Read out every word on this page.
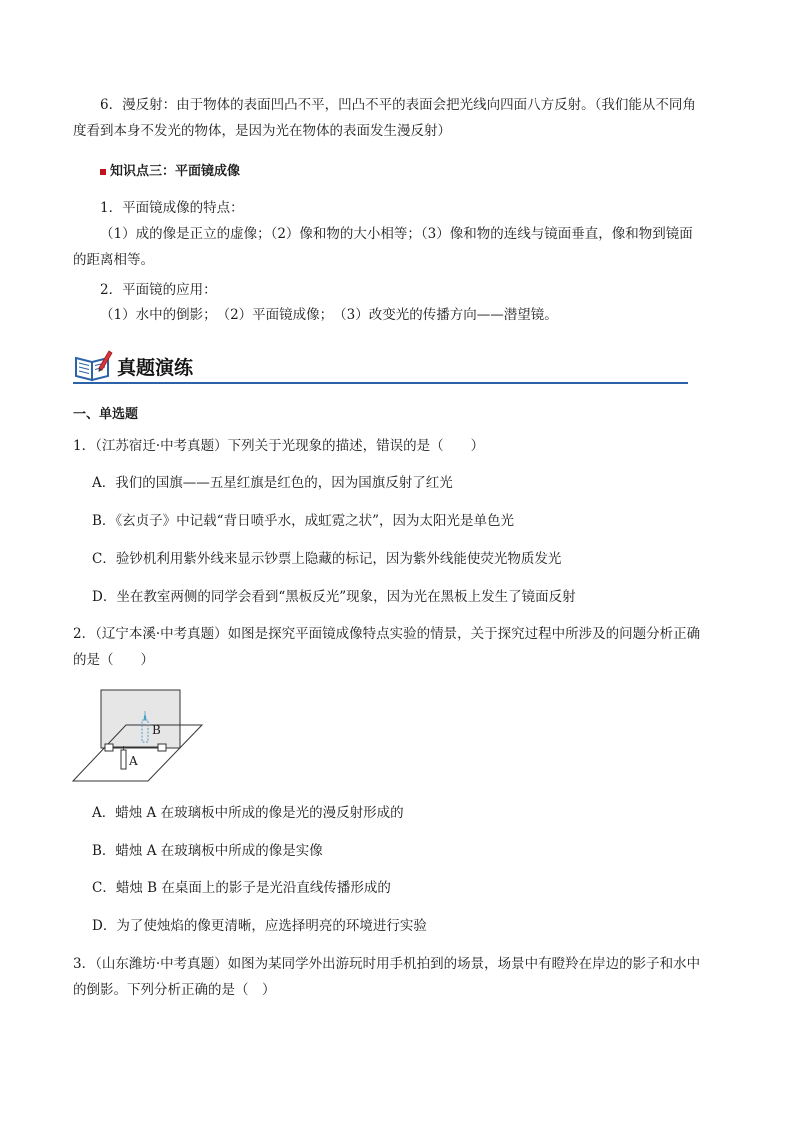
6．漫反射：由于物体的表面凹凸不平，凹凸不平的表面会把光线向四面八方反射。（我们能从不同角
度看到本身不发光的物体，是因为光在物体的表面发生漫反射）
知识点三：平面镜成像
1．平面镜成像的特点：
（1）成的像是正立的虚像；（2）像和物的大小相等；（3）像和物的连线与镜面垂直，像和物到镜面
的距离相等。
2．平面镜的应用：
（1）水中的倒影；　（2）平面镜成像；　（3）改变光的传播方向——潜望镜。
真题演练
一、单选题
1．（江苏宿迁·中考真题）下列关于光现象的描述，错误的是（　　）
A．我们的国旗——五星红旗是红色的，因为国旗反射了红光
B．《玄贞子》中记载“背日喷乎水，成虹霓之状”，因为太阳光是单色光
C．验钞机利用紫外线来显示钞票上隐藏的标记，因为紫外线能使荧光物质发光
D．坐在教室两侧的同学会看到“黑板反光”现象，因为光在黑板上发生了镜面反射
2．（辽宁本溪·中考真题）如图是探究平面镜成像特点实验的情景，关于探究过程中所涉及的问题分析正确
的是（　　）
B
A
A．蜡烛 A 在玻璃板中所成的像是光的漫反射形成的
B．蜡烛 A 在玻璃板中所成的像是实像
C．蜡烛 B 在桌面上的影子是光沿直线传播形成的
D．为了使烛焰的像更清晰，应选择明亮的环境进行实验
3．（山东潍坊·中考真题）如图为某同学外出游玩时用手机拍到的场景，场景中有瞪羚在岸边的影子和水中
的倒影。下列分析正确的是（　）
